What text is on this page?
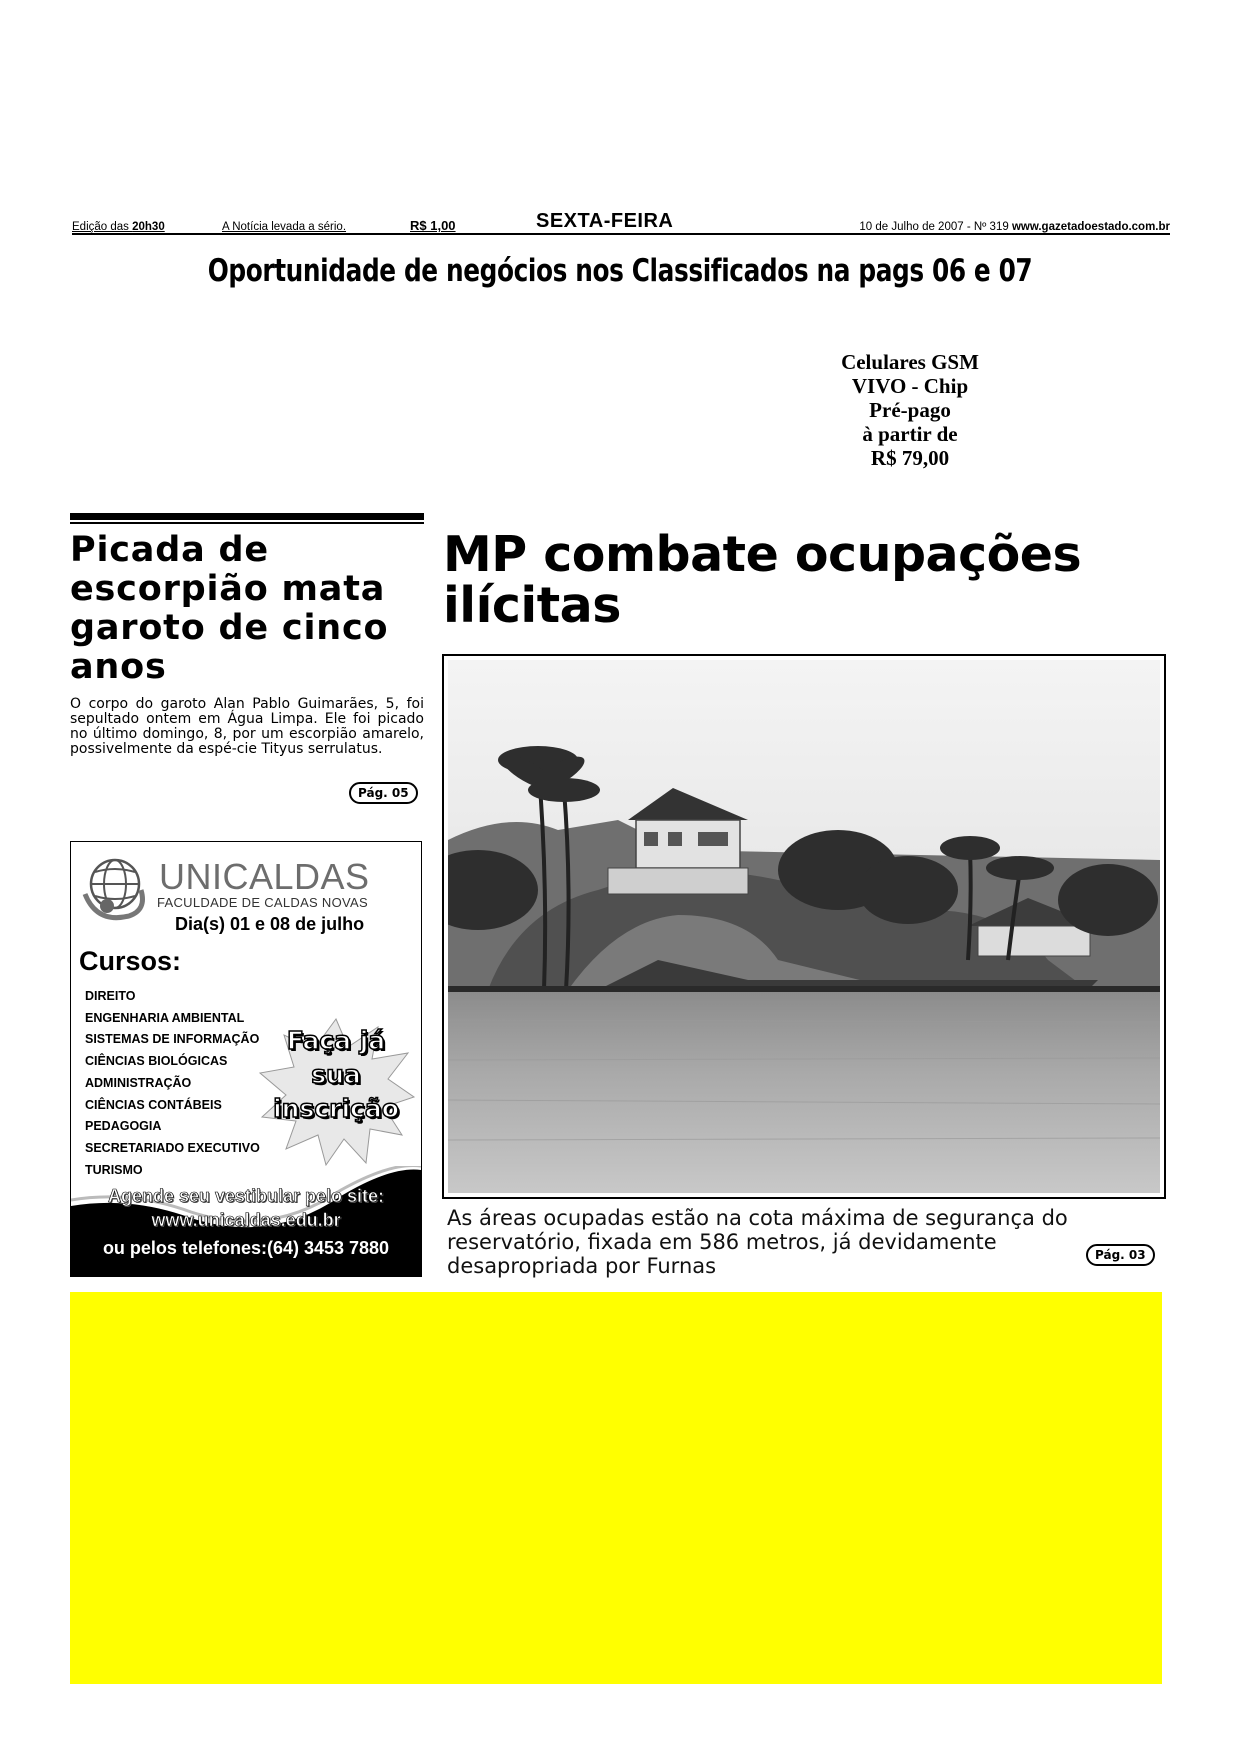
Edição das 20h30	A Notícia levada a sério.	R$ 1,00	SEXTA-FEIRA	10 de Julho de 2007 - Nº 319 www.gazetadoestado.com.br
Oportunidade de negócios nos Classificados na pags 06 e 07
Celulares GSM
VIVO - Chip
Pré-pago
à partir de
R$ 79,00
Picada de escorpião mata garoto de cinco anos
O corpo do garoto Alan Pablo Guimarães, 5, foi sepultado ontem em Água Limpa. Ele foi picado no último domingo, 8, por um escorpião amarelo, possivelmente da espé-cie Tityus serrulatus.
Pág. 05
UNICALDAS
FACULDADE DE CALDAS NOVAS
Dia(s) 01 e 08 de julho
Cursos:
DIREITO
ENGENHARIA AMBIENTAL
SISTEMAS DE INFORMAÇÃO
CIÊNCIAS BIOLÓGICAS
ADMINISTRAÇÃO
CIÊNCIAS CONTÁBEIS
PEDAGOGIA
SECRETARIADO EXECUTIVO
TURISMO
Faça já
sua
inscrição
Agende seu vestibular pelo site:
www.unicaldas.edu.br
ou pelos telefones:(64) 3453 7880
MP combate ocupações ilícitas
As áreas ocupadas estão na cota máxima de segurança do reservatório, fixada em 586 metros, já devidamente desapropriada por Furnas	Pág. 03
